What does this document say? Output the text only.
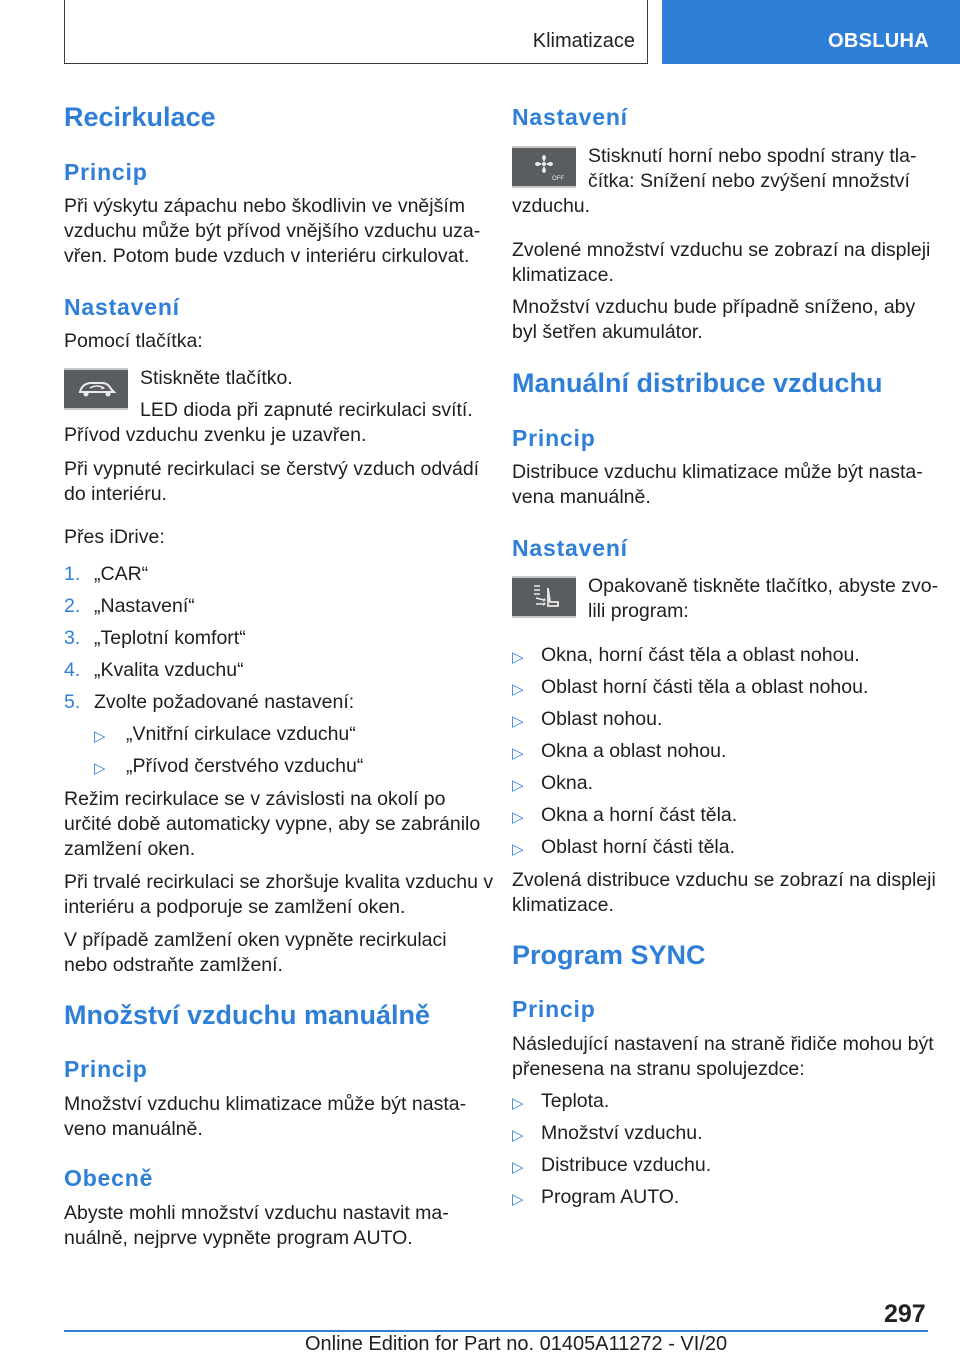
Klimatizace	OBSLUHA
Recirkulace
Princip
Při výskytu zápachu nebo škodlivin ve vnějším
vzduchu může být přívod vnějšího vzduchu uza‐
vřen. Potom bude vzduch v interiéru cirkulovat.
Nastavení
Pomocí tlačítka:
Stiskněte tlačítko.
LED dioda při zapnuté recirkulaci svítí.
Přívod vzduchu zvenku je uzavřen.
Při vypnuté recirkulaci se čerstvý vzduch odvádí
do interiéru.
Přes iDrive:
1. „CAR“
2. „Nastavení“
3. „Teplotní komfort“
4. „Kvalita vzduchu“
5. Zvolte požadované nastavení:
▷ „Vnitřní cirkulace vzduchu“
▷ „Přívod čerstvého vzduchu“
Režim recirkulace se v závislosti na okolí po
určité době automaticky vypne, aby se zabránilo
zamlžení oken.
Při trvalé recirkulaci se zhoršuje kvalita vzduchu v
interiéru a podporuje se zamlžení oken.
V případě zamlžení oken vypněte recirkulaci
nebo odstraňte zamlžení.
Množství vzduchu manuálně
Princip
Množství vzduchu klimatizace může být nasta‐
veno manuálně.
Obecně
Abyste mohli množství vzduchu nastavit ma‐
nuálně, nejprve vypněte program AUTO.
Nastavení
OFF
Stisknutí horní nebo spodní strany tla‐
čítka: Snížení nebo zvýšení množství
vzduchu.
Zvolené množství vzduchu se zobrazí na displeji
klimatizace.
Množství vzduchu bude případně sníženo, aby
byl šetřen akumulátor.
Manuální distribuce vzduchu
Princip
Distribuce vzduchu klimatizace může být nasta‐
vena manuálně.
Nastavení
Opakovaně tiskněte tlačítko, abyste zvo‐
lili program:
▷ Okna, horní část těla a oblast nohou.
▷ Oblast horní části těla a oblast nohou.
▷ Oblast nohou.
▷ Okna a oblast nohou.
▷ Okna.
▷ Okna a horní část těla.
▷ Oblast horní části těla.
Zvolená distribuce vzduchu se zobrazí na displeji
klimatizace.
Program SYNC
Princip
Následující nastavení na straně řidiče mohou být
přenesena na stranu spolujezdce:
▷ Teplota.
▷ Množství vzduchu.
▷ Distribuce vzduchu.
▷ Program AUTO.
297
Online Edition for Part no. 01405A11272 - VI/20
